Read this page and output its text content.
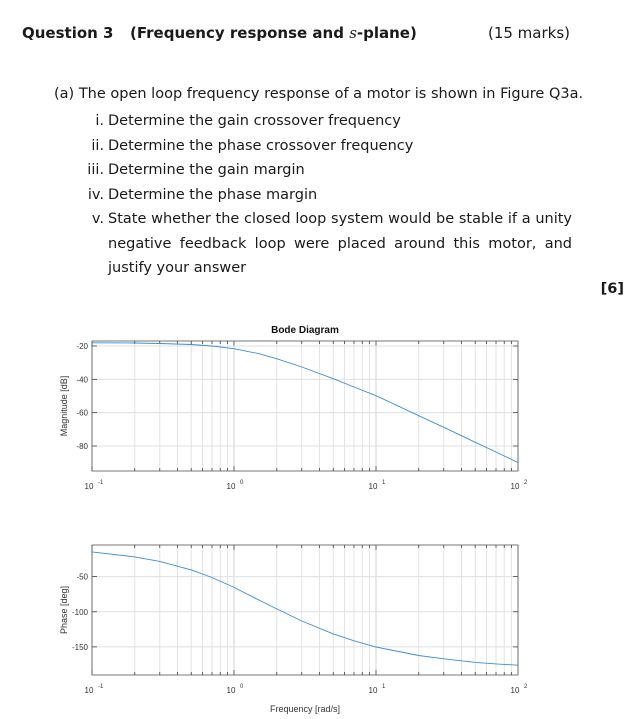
Question 3 (Frequency response and s-plane)	(15 marks)
(a) The open loop frequency response of a motor is shown in Figure Q3a.
i. Determine the gain crossover frequency
ii. Determine the phase crossover frequency
iii. Determine the gain margin
iv. Determine the phase margin
v. State whether the closed loop system would be stable if a unity negative feedback loop were placed around this motor, and justify your answer
[6]
-20
-40
-60
-80
10 -1	10 0	10 1	10 2
Bode Diagram
Magnitude [dB]
-50
-100
-150
10 -1	10 0	10 1	10 2
Phase [deg]
Frequency [rad/s]
